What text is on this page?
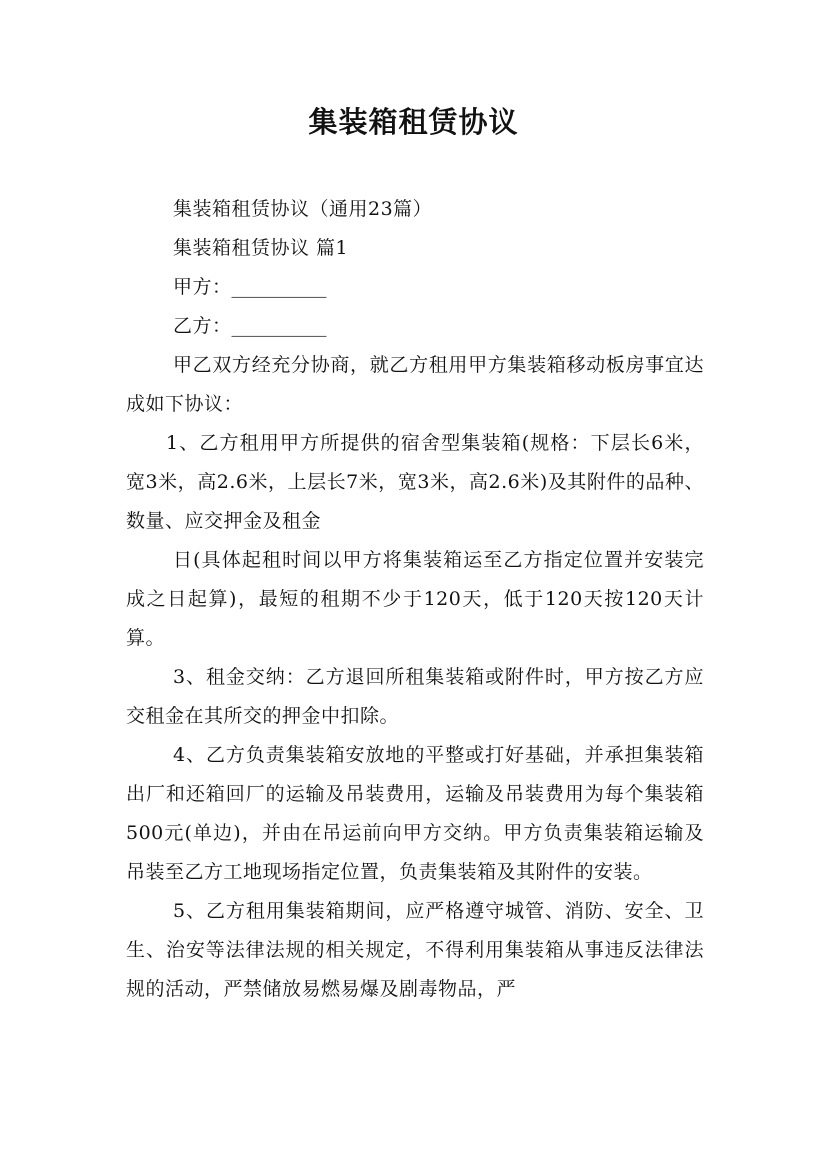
集装箱租赁协议

集装箱租赁协议（通用23篇）

集装箱租赁协议 篇1

甲方：__________

乙方：__________

甲乙双方经充分协商，就乙方租用甲方集装箱移动板房事宜达成如下协议：

1、乙方租用甲方所提供的宿舍型集装箱(规格：下层长6米，宽3米，高2.6米，上层长7米，宽3米，高2.6米)及其附件的品种、数量、应交押金及租金

日(具体起租时间以甲方将集装箱运至乙方指定位置并安装完成之日起算)，最短的租期不少于120天，低于120天按120天计算。

3、租金交纳：乙方退回所租集装箱或附件时，甲方按乙方应交租金在其所交的押金中扣除。

4、乙方负责集装箱安放地的平整或打好基础，并承担集装箱出厂和还箱回厂的运输及吊装费用，运输及吊装费用为每个集装箱500元(单边)，并由在吊运前向甲方交纳。甲方负责集装箱运输及吊装至乙方工地现场指定位置，负责集装箱及其附件的安装。

5、乙方租用集装箱期间，应严格遵守城管、消防、安全、卫生、治安等法律法规的相关规定，不得利用集装箱从事违反法律法规的活动，严禁储放易燃易爆及剧毒物品，严
